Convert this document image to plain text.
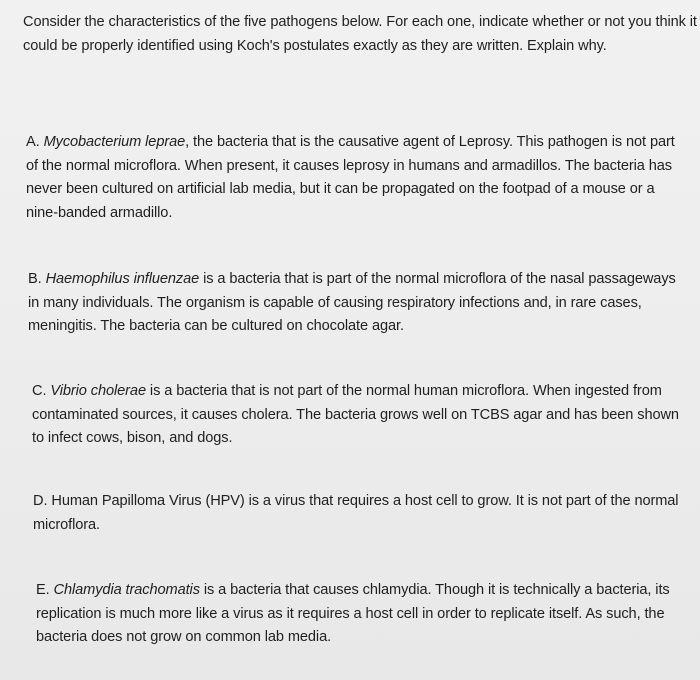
Consider the characteristics of the five pathogens below. For each one, indicate whether or not you think it could be properly identified using Koch's postulates exactly as they are written. Explain why.

A. Mycobacterium leprae, the bacteria that is the causative agent of Leprosy. This pathogen is not part of the normal microflora. When present, it causes leprosy in humans and armadillos. The bacteria has never been cultured on artificial lab media, but it can be propagated on the footpad of a mouse or a nine-banded armadillo.

B. Haemophilus influenzae is a bacteria that is part of the normal microflora of the nasal passageways in many individuals. The organism is capable of causing respiratory infections and, in rare cases, meningitis. The bacteria can be cultured on chocolate agar.

C. Vibrio cholerae is a bacteria that is not part of the normal human microflora. When ingested from contaminated sources, it causes cholera. The bacteria grows well on TCBS agar and has been shown to infect cows, bison, and dogs.

D. Human Papilloma Virus (HPV) is a virus that requires a host cell to grow. It is not part of the normal microflora.

E. Chlamydia trachomatis is a bacteria that causes chlamydia. Though it is technically a bacteria, its replication is much more like a virus as it requires a host cell in order to replicate itself. As such, the bacteria does not grow on common lab media.
